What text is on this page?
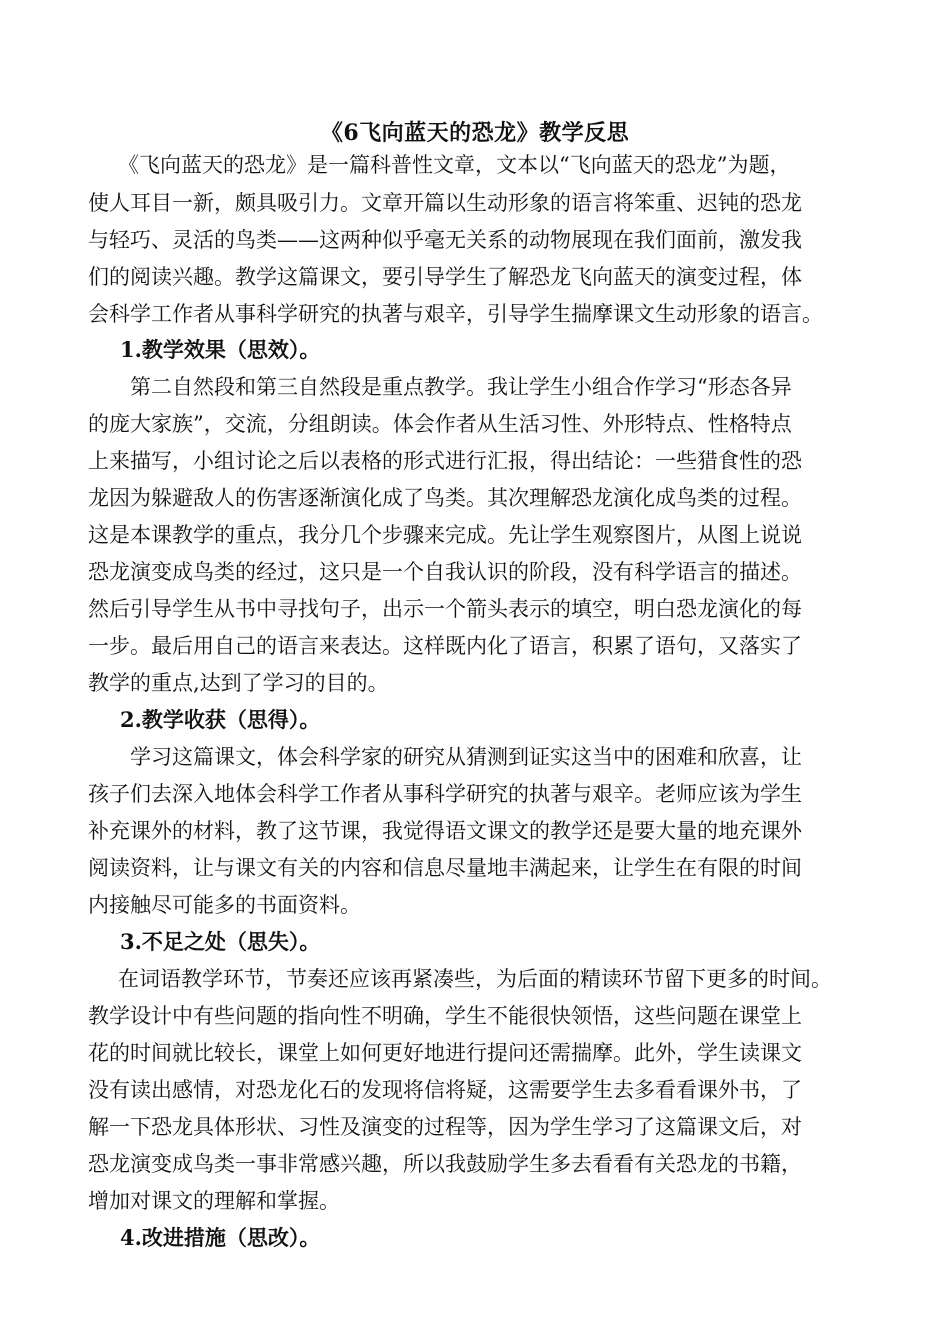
《6飞向蓝天的恐龙》教学反思
《飞向蓝天的恐龙》是一篇科普性文章，文本以“飞向蓝天的恐龙”为题，
使人耳目一新，颇具吸引力。文章开篇以生动形象的语言将笨重、迟钝的恐龙
与轻巧、灵活的鸟类——这两种似乎毫无关系的动物展现在我们面前，激发我
们的阅读兴趣。教学这篇课文，要引导学生了解恐龙飞向蓝天的演变过程，体
会科学工作者从事科学研究的执著与艰辛，引导学生揣摩课文生动形象的语言。
1.教学效果（思效）。
第二自然段和第三自然段是重点教学。我让学生小组合作学习“形态各异
的庞大家族”，交流，分组朗读。体会作者从生活习性、外形特点、性格特点
上来描写，小组讨论之后以表格的形式进行汇报，得出结论：一些猎食性的恐
龙因为躲避敌人的伤害逐渐演化成了鸟类。其次理解恐龙演化成鸟类的过程。
这是本课教学的重点，我分几个步骤来完成。先让学生观察图片，从图上说说
恐龙演变成鸟类的经过，这只是一个自我认识的阶段，没有科学语言的描述。
然后引导学生从书中寻找句子，出示一个箭头表示的填空，明白恐龙演化的每
一步。最后用自己的语言来表达。这样既内化了语言，积累了语句，又落实了
教学的重点,达到了学习的目的。
2.教学收获（思得）。
学习这篇课文，体会科学家的研究从猜测到证实这当中的困难和欣喜，让
孩子们去深入地体会科学工作者从事科学研究的执著与艰辛。老师应该为学生
补充课外的材料，教了这节课，我觉得语文课文的教学还是要大量的地充课外
阅读资料，让与课文有关的内容和信息尽量地丰满起来，让学生在有限的时间
内接触尽可能多的书面资料。
3.不足之处（思失）。
在词语教学环节，节奏还应该再紧凑些，为后面的精读环节留下更多的时间。
教学设计中有些问题的指向性不明确，学生不能很快领悟，这些问题在课堂上
花的时间就比较长，课堂上如何更好地进行提问还需揣摩。此外，学生读课文
没有读出感情，对恐龙化石的发现将信将疑，这需要学生去多看看课外书，了
解一下恐龙具体形状、习性及演变的过程等，因为学生学习了这篇课文后，对
恐龙演变成鸟类一事非常感兴趣，所以我鼓励学生多去看看有关恐龙的书籍，
增加对课文的理解和掌握。
4.改进措施（思改）。
